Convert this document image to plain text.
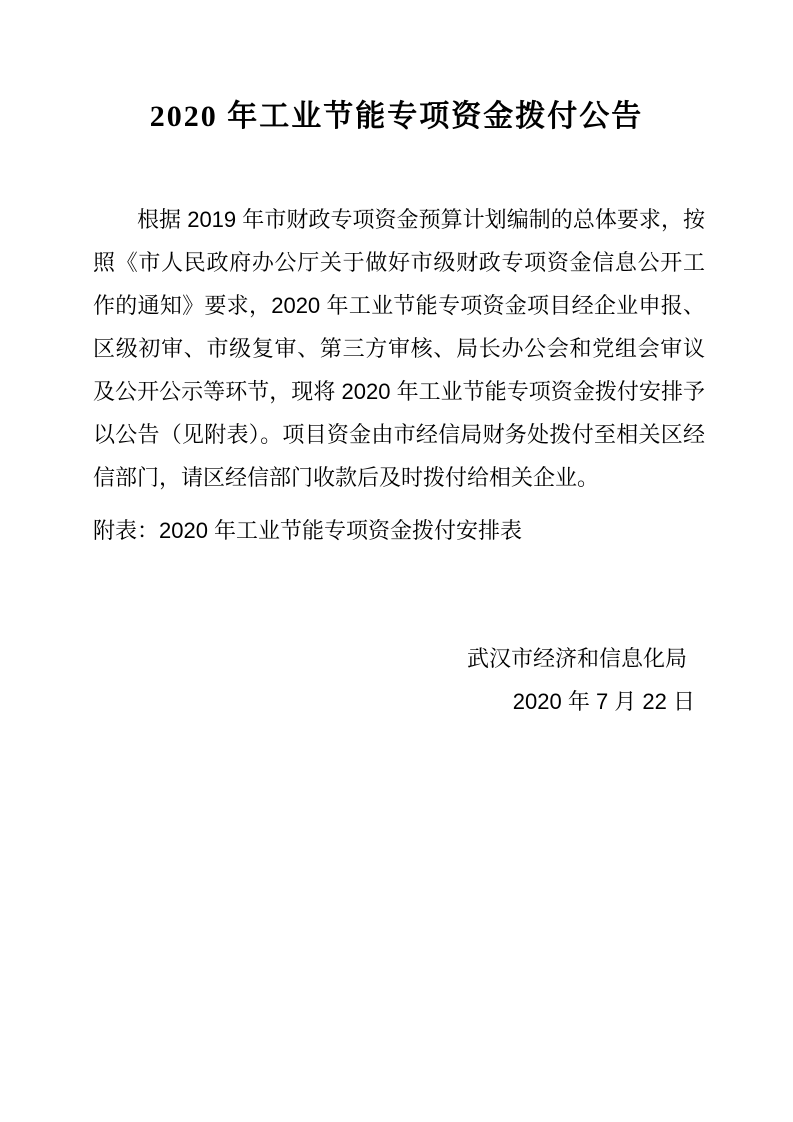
2020 年工业节能专项资金拨付公告

根据 2019 年市财政专项资金预算计划编制的总体要求，按照《市人民政府办公厅关于做好市级财政专项资金信息公开工作的通知》要求，2020 年工业节能专项资金项目经企业申报、区级初审、市级复审、第三方审核、局长办公会和党组会审议及公开公示等环节，现将 2020 年工业节能专项资金拨付安排予以公告（见附表）。项目资金由市经信局财务处拨付至相关区经信部门，请区经信部门收款后及时拨付给相关企业。

附表：2020 年工业节能专项资金拨付安排表

武汉市经济和信息化局
2020 年 7 月 22 日
